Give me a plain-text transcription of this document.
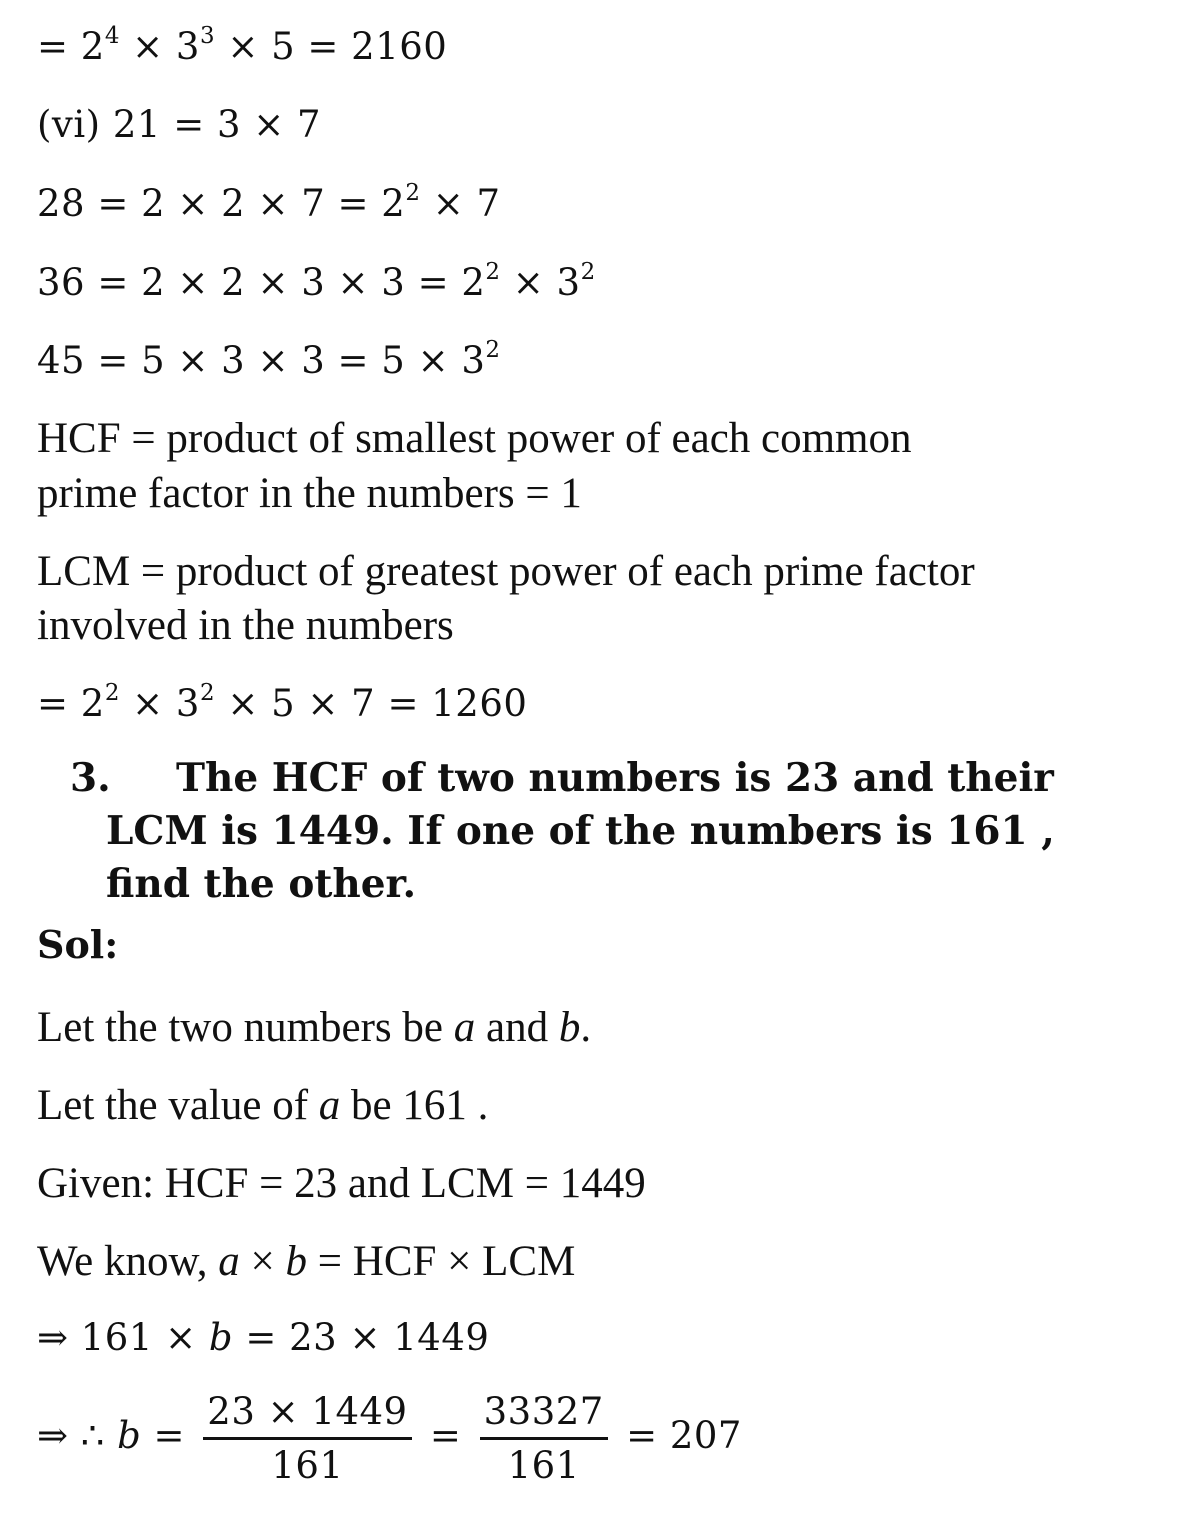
= $2^4 \times 3^3 \times 5 = 2160$
(vi) 21 = 3 × 7
$28 = 2 \times 2 \times 7 = 2^2 \times 7$
$36 = 2 \times 2 \times 3 \times 3 = 2^2 \times 3^2$
$45 = 5 \times 3 \times 3 = 5 \times 3^2$
HCF = product of smallest power of each common
prime factor in the numbers = 1
LCM = product of greatest power of each prime factor
involved in the numbers
= $2^2 \times 3^2 \times 5 \times 7 = 1260$
3. The HCF of two numbers is 23 and their
LCM is 1449. If one of the numbers is 161 ,
find the other.
Sol:
Let the two numbers be a and b.
Let the value of a be 161 .
Given: HCF = 23 and LCM = 1449
We know, a × b = HCF × LCM
⇒ 161 × b = 23 × 1449
⇒ ∴ $b = \frac{23 \times 1449}{161} = \frac{33327}{161} = 207$
